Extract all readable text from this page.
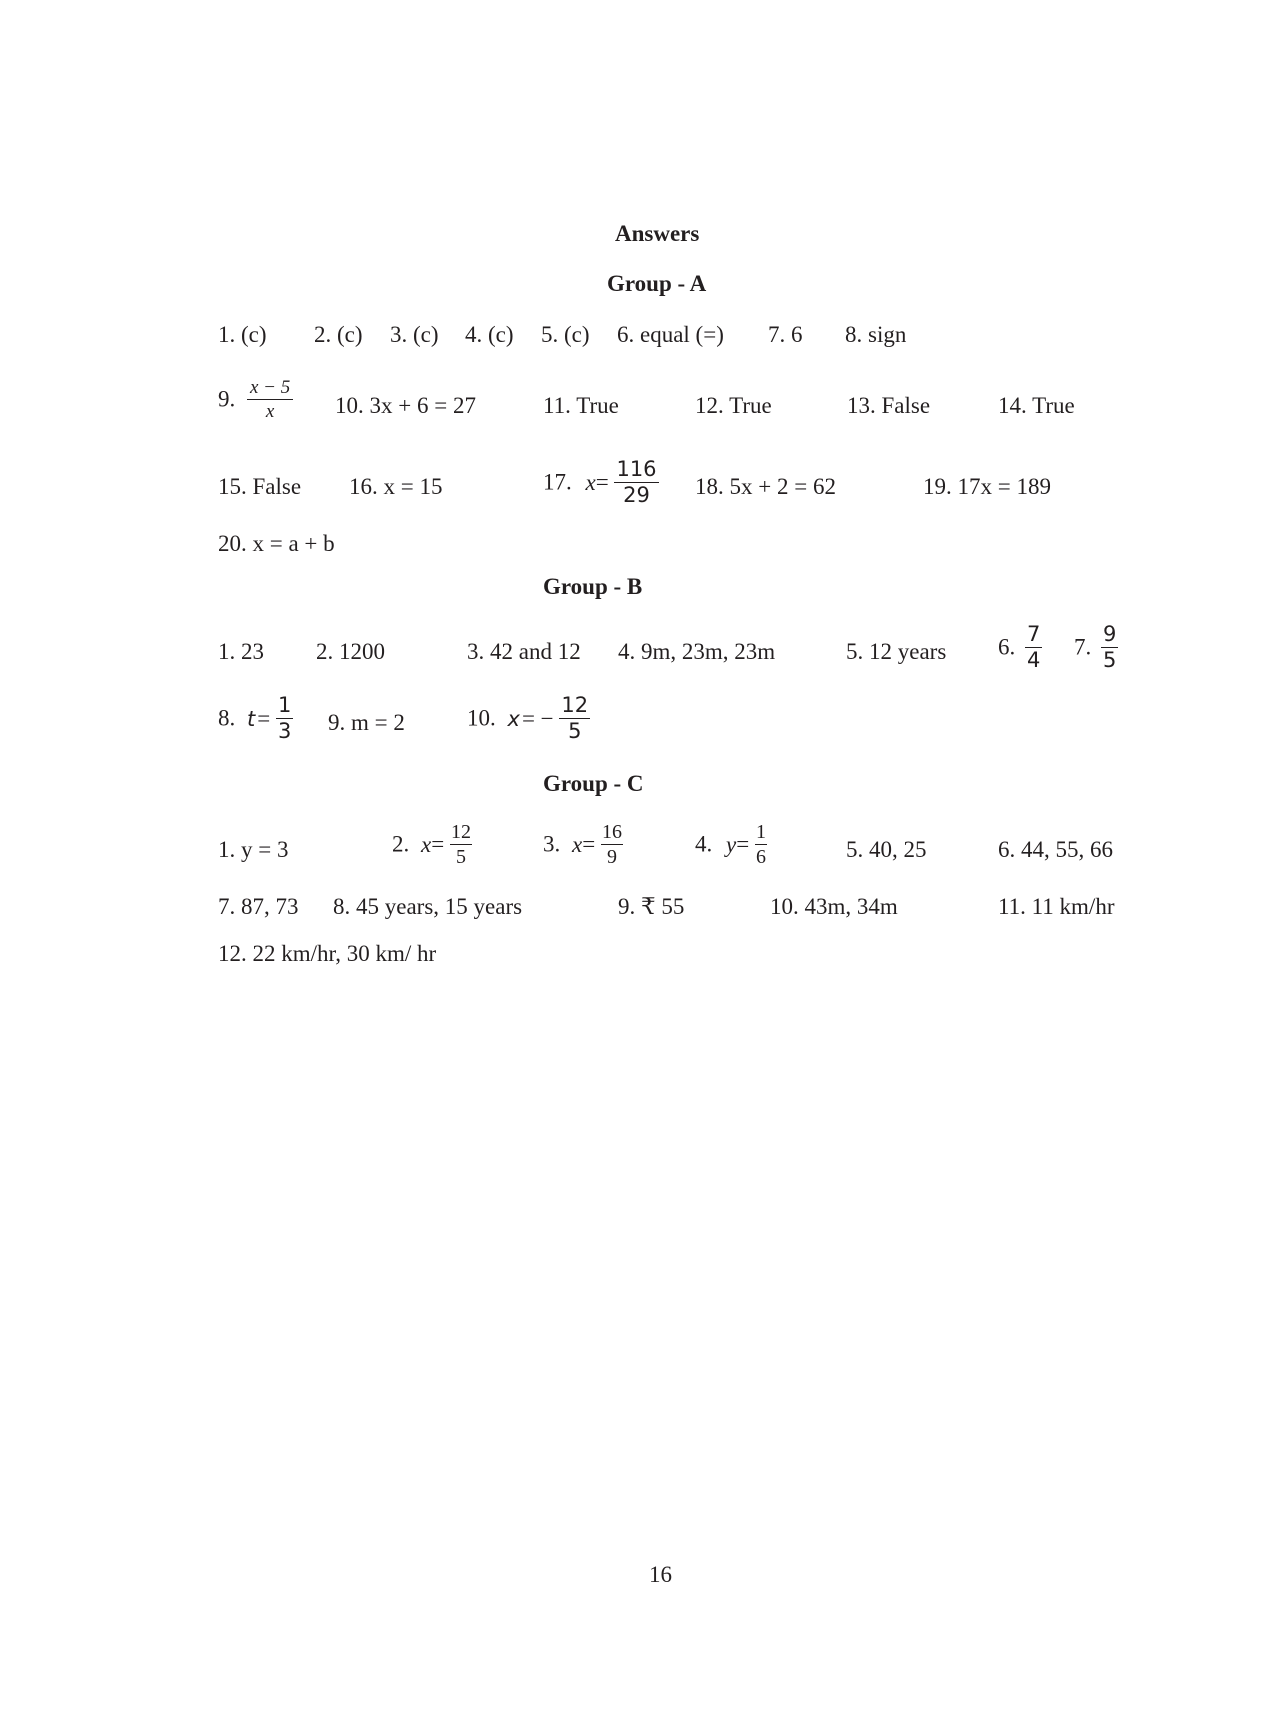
Answers
Group - A
1. (c) 2. (c) 3. (c) 4. (c) 5. (c) 6. equal (=) 7. 6 8. sign
9. $\frac{x - 5}{x} 10$. 3x + 6 = 27	11. True	12. True	13. False	14. True
15. False 16. x = 15	17. $x= \frac{116}{29} 18$. 5x + 2 = 62	19. 17x = 189
20. x = a + b
Group - B
1. 23 2. 1200	3. 42 and 12 4. 9m, 23m, 23m	5. 12 years 6. $\frac{7}{4} 7$. $\frac{9}{5}$
8. $t= \frac{1}{3} 9$. m = 2	10. $x= - \frac{12}{5}$
Group - C
1. y = 3	2. $x= \frac{12}{5}$	3. $x= \frac{16}{9}$	4. $y= \frac{1}{6}$	5. 40, 25	6. 44, 55, 66
7. 87, 73 8. 45 years, 15 years	9. ₹ 55	10. 43m, 34m	11. 11 km/hr
12. 22 km/hr, 30 km/ hr
16
